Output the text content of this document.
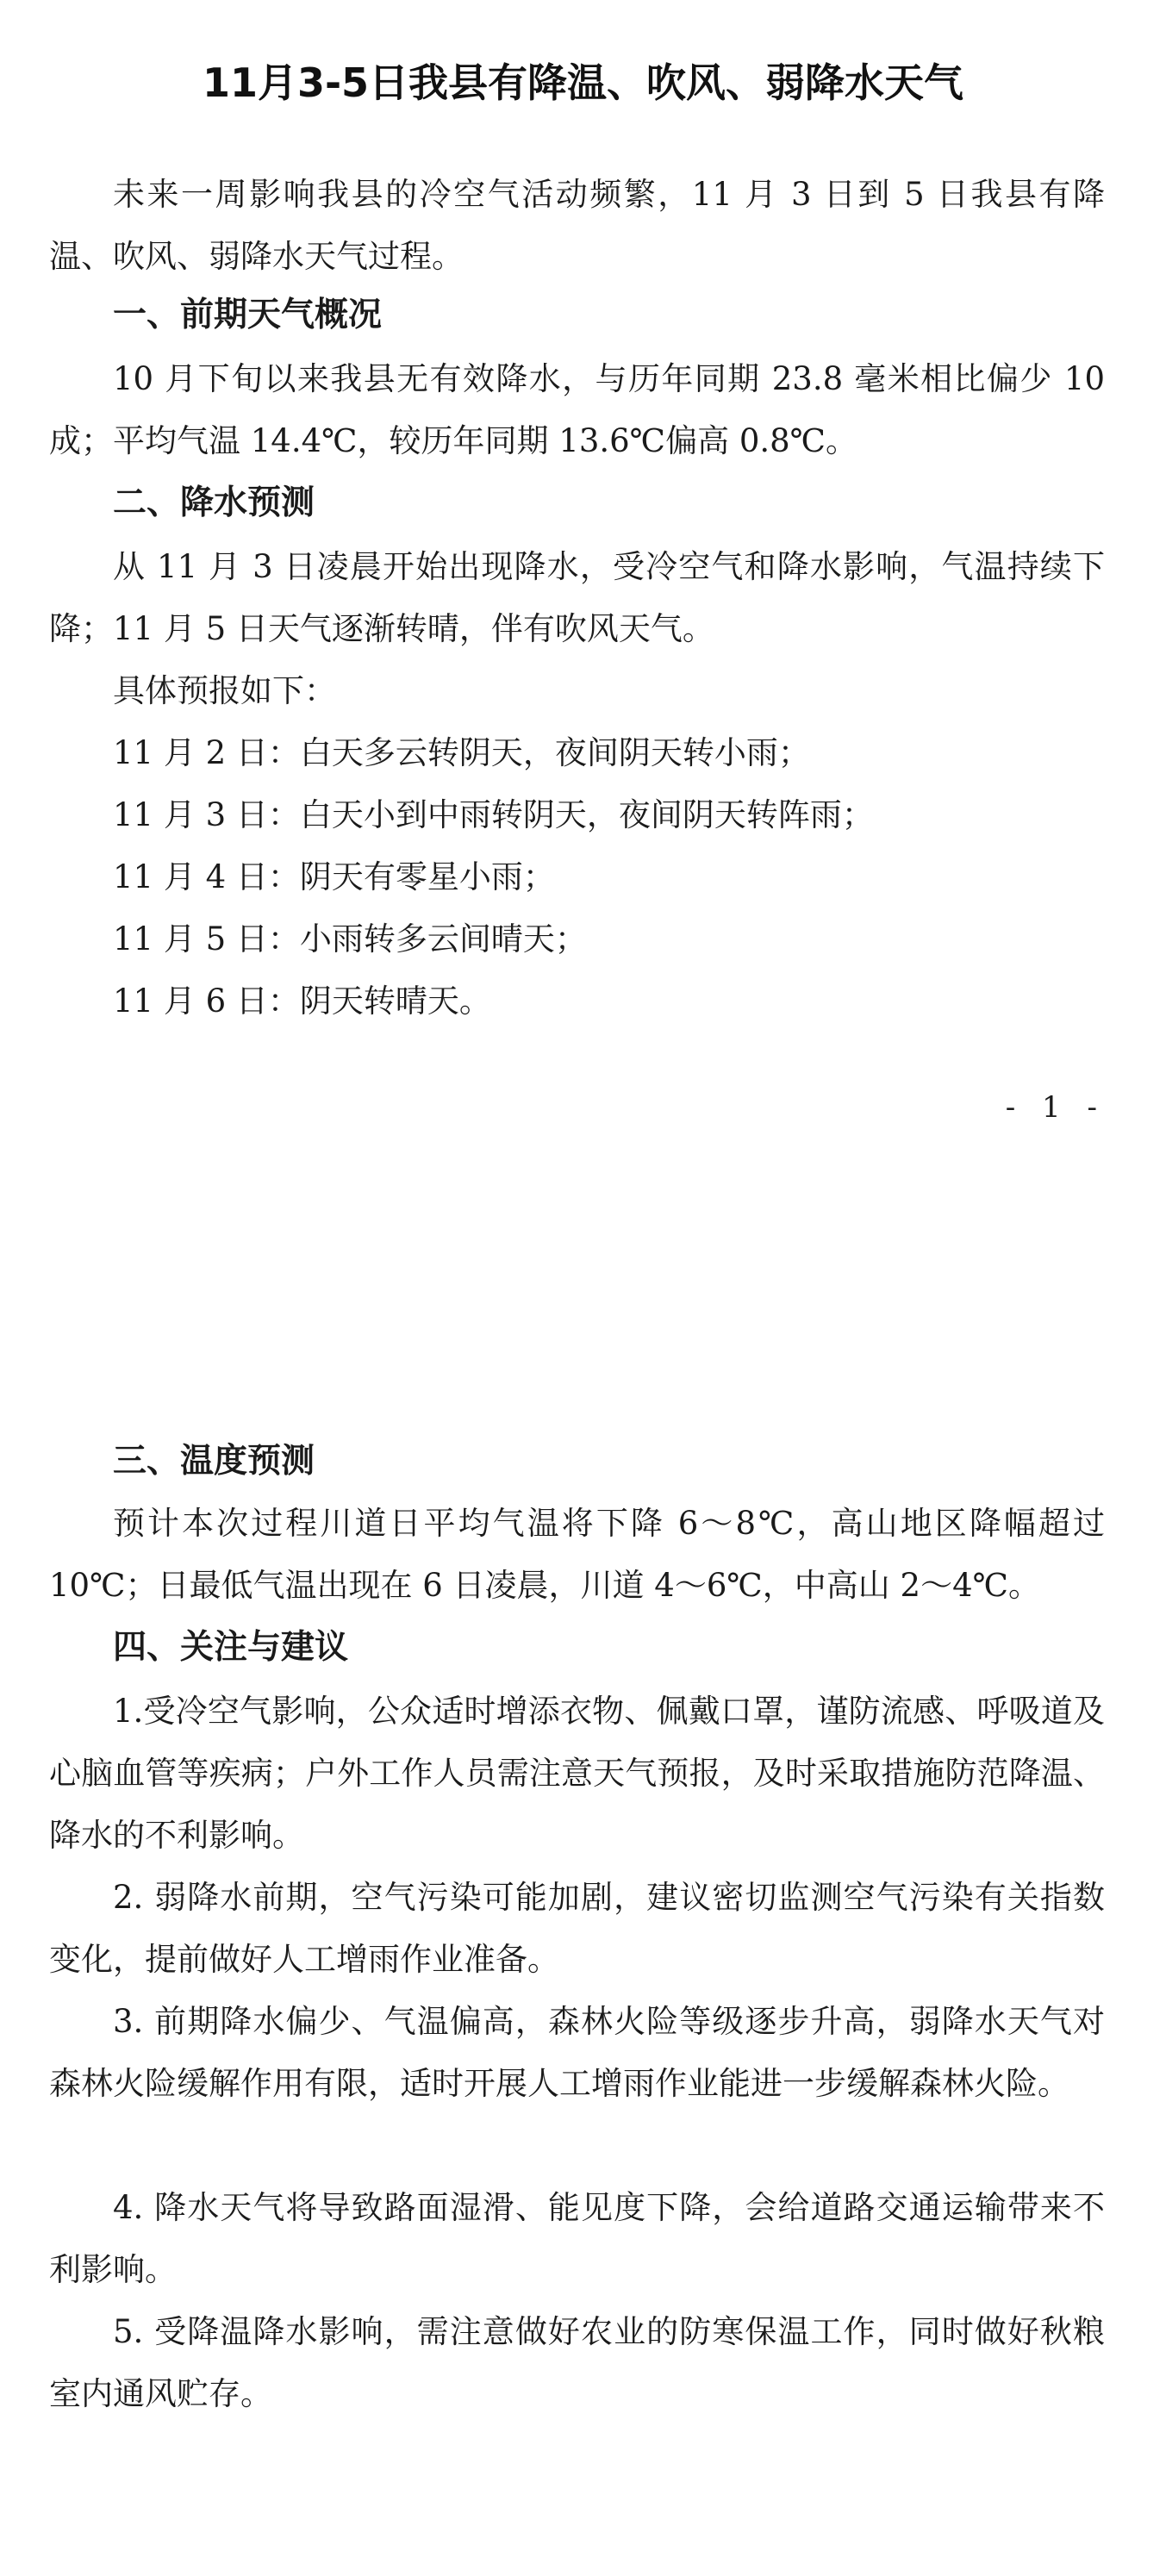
11月3-5日我县有降温、吹风、弱降水天气

未来一周影响我县的冷空气活动频繁，11 月 3 日到 5 日我县有降温、吹风、弱降水天气过程。

一、前期天气概况

10 月下旬以来我县无有效降水，与历年同期 23.8 毫米相比偏少 10 成；平均气温 14.4℃，较历年同期 13.6℃偏高 0.8℃。

二、降水预测

从 11 月 3 日凌晨开始出现降水，受冷空气和降水影响，气温持续下降；11 月 5 日天气逐渐转晴，伴有吹风天气。

具体预报如下：

11 月 2 日：白天多云转阴天，夜间阴天转小雨；

11 月 3 日：白天小到中雨转阴天，夜间阴天转阵雨；

11 月 4 日：阴天有零星小雨；

11 月 5 日：小雨转多云间晴天；

11 月 6 日：阴天转晴天。

- 1 -

三、温度预测

预计本次过程川道日平均气温将下降 6～8℃，高山地区降幅超过 10℃；日最低气温出现在 6 日凌晨，川道 4～6℃，中高山 2～4℃。

四、关注与建议

1.受冷空气影响，公众适时增添衣物、佩戴口罩，谨防流感、呼吸道及心脑血管等疾病；户外工作人员需注意天气预报，及时采取措施防范降温、降水的不利影响。

2. 弱降水前期，空气污染可能加剧，建议密切监测空气污染有关指数变化，提前做好人工增雨作业准备。

3. 前期降水偏少、气温偏高，森林火险等级逐步升高，弱降水天气对森林火险缓解作用有限，适时开展人工增雨作业能进一步缓解森林火险。

4. 降水天气将导致路面湿滑、能见度下降，会给道路交通运输带来不利影响。

5. 受降温降水影响，需注意做好农业的防寒保温工作，同时做好秋粮室内通风贮存。
